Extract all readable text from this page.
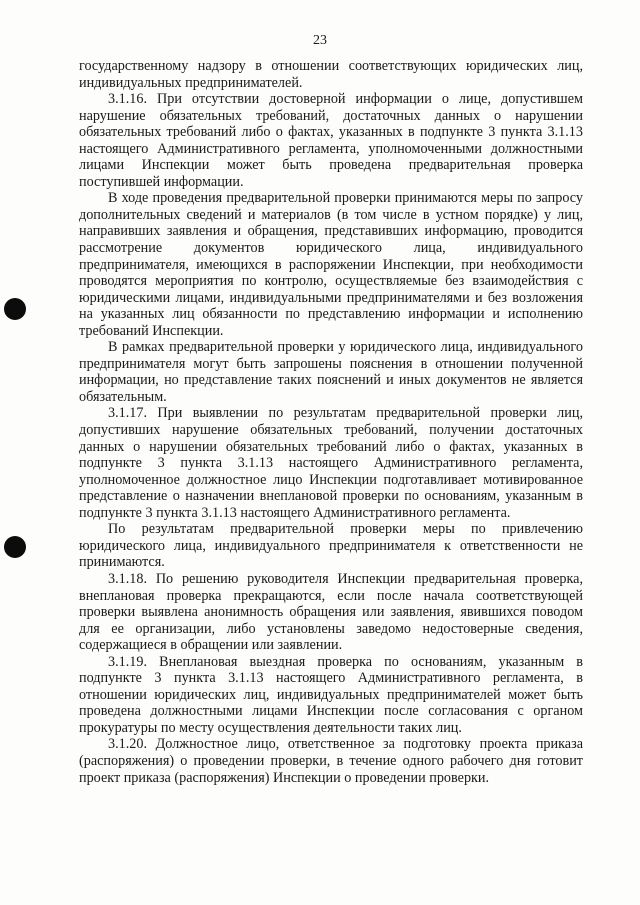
23

государственному надзору в отношении соответствующих юридических лиц, индивидуальных предпринимателей.

3.1.16. При отсутствии достоверной информации о лице, допустившем нарушение обязательных требований, достаточных данных о нарушении обязательных требований либо о фактах, указанных в подпункте 3 пункта 3.1.13 настоящего Административного регламента, уполномоченными должностными лицами Инспекции может быть проведена предварительная проверка поступившей информации.

В ходе проведения предварительной проверки принимаются меры по запросу дополнительных сведений и материалов (в том числе в устном порядке) у лиц, направивших заявления и обращения, представивших информацию, проводится рассмотрение документов юридического лица, индивидуального предпринимателя, имеющихся в распоряжении Инспекции, при необходимости проводятся мероприятия по контролю, осуществляемые без взаимодействия с юридическими лицами, индивидуальными предпринимателями и без возложения на указанных лиц обязанности по представлению информации и исполнению требований Инспекции.

В рамках предварительной проверки у юридического лица, индивидуального предпринимателя могут быть запрошены пояснения в отношении полученной информации, но представление таких пояснений и иных документов не является обязательным.

3.1.17. При выявлении по результатам предварительной проверки лиц, допустивших нарушение обязательных требований, получении достаточных данных о нарушении обязательных требований либо о фактах, указанных в подпункте 3 пункта 3.1.13 настоящего Административного регламента, уполномоченное должностное лицо Инспекции подготавливает мотивированное представление о назначении внеплановой проверки по основаниям, указанным в подпункте 3 пункта 3.1.13 настоящего Административного регламента.

По результатам предварительной проверки меры по привлечению юридического лица, индивидуального предпринимателя к ответственности не принимаются.

3.1.18. По решению руководителя Инспекции предварительная проверка, внеплановая проверка прекращаются, если после начала соответствующей проверки выявлена анонимность обращения или заявления, явившихся поводом для ее организации, либо установлены заведомо недостоверные сведения, содержащиеся в обращении или заявлении.

3.1.19. Внеплановая выездная проверка по основаниям, указанным в подпункте 3 пункта 3.1.13 настоящего Административного регламента, в отношении юридических лиц, индивидуальных предпринимателей может быть проведена должностными лицами Инспекции после согласования с органом прокуратуры по месту осуществления деятельности таких лиц.

3.1.20. Должностное лицо, ответственное за подготовку проекта приказа (распоряжения) о проведении проверки, в течение одного рабочего дня готовит проект приказа (распоряжения) Инспекции о проведении проверки.
